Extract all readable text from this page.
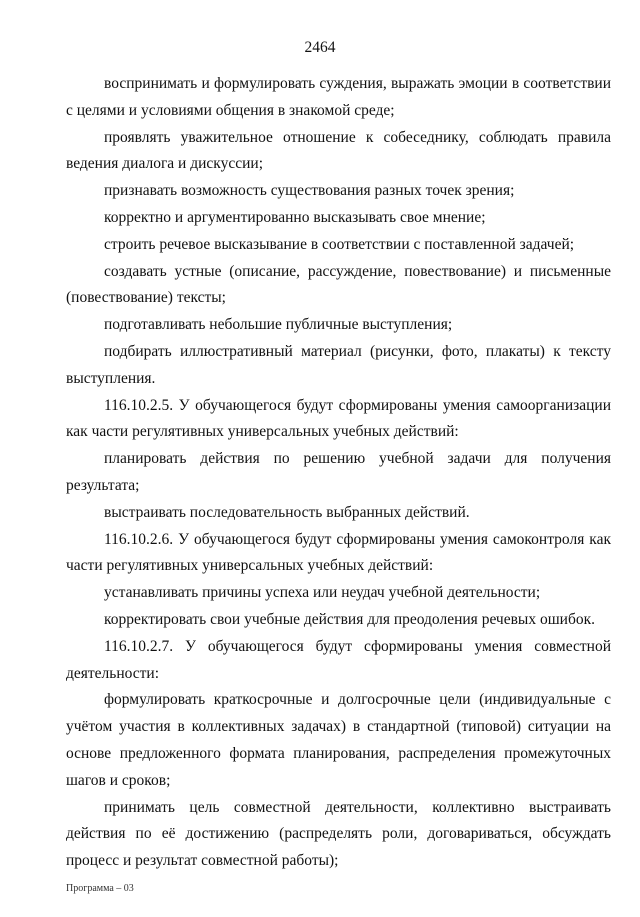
2464

воспринимать и формулировать суждения, выражать эмоции в соответствии с целями и условиями общения в знакомой среде;

проявлять уважительное отношение к собеседнику, соблюдать правила ведения диалога и дискуссии;

признавать возможность существования разных точек зрения;

корректно и аргументированно высказывать свое мнение;

строить речевое высказывание в соответствии с поставленной задачей;

создавать устные (описание, рассуждение, повествование) и письменные (повествование) тексты;

подготавливать небольшие публичные выступления;

подбирать иллюстративный материал (рисунки, фото, плакаты) к тексту выступления.

116.10.2.5. У обучающегося будут сформированы умения самоорганизации как части регулятивных универсальных учебных действий:

планировать действия по решению учебной задачи для получения результата;

выстраивать последовательность выбранных действий.

116.10.2.6. У обучающегося будут сформированы умения самоконтроля как части регулятивных универсальных учебных действий:

устанавливать причины успеха или неудач учебной деятельности;

корректировать свои учебные действия для преодоления речевых ошибок.

116.10.2.7. У обучающегося будут сформированы умения совместной деятельности:

формулировать краткосрочные и долгосрочные цели (индивидуальные с учётом участия в коллективных задачах) в стандартной (типовой) ситуации на основе предложенного формата планирования, распределения промежуточных шагов и сроков;

принимать цель совместной деятельности, коллективно выстраивать действия по её достижению (распределять роли, договариваться, обсуждать процесс и результат совместной работы);

Программа – 03
